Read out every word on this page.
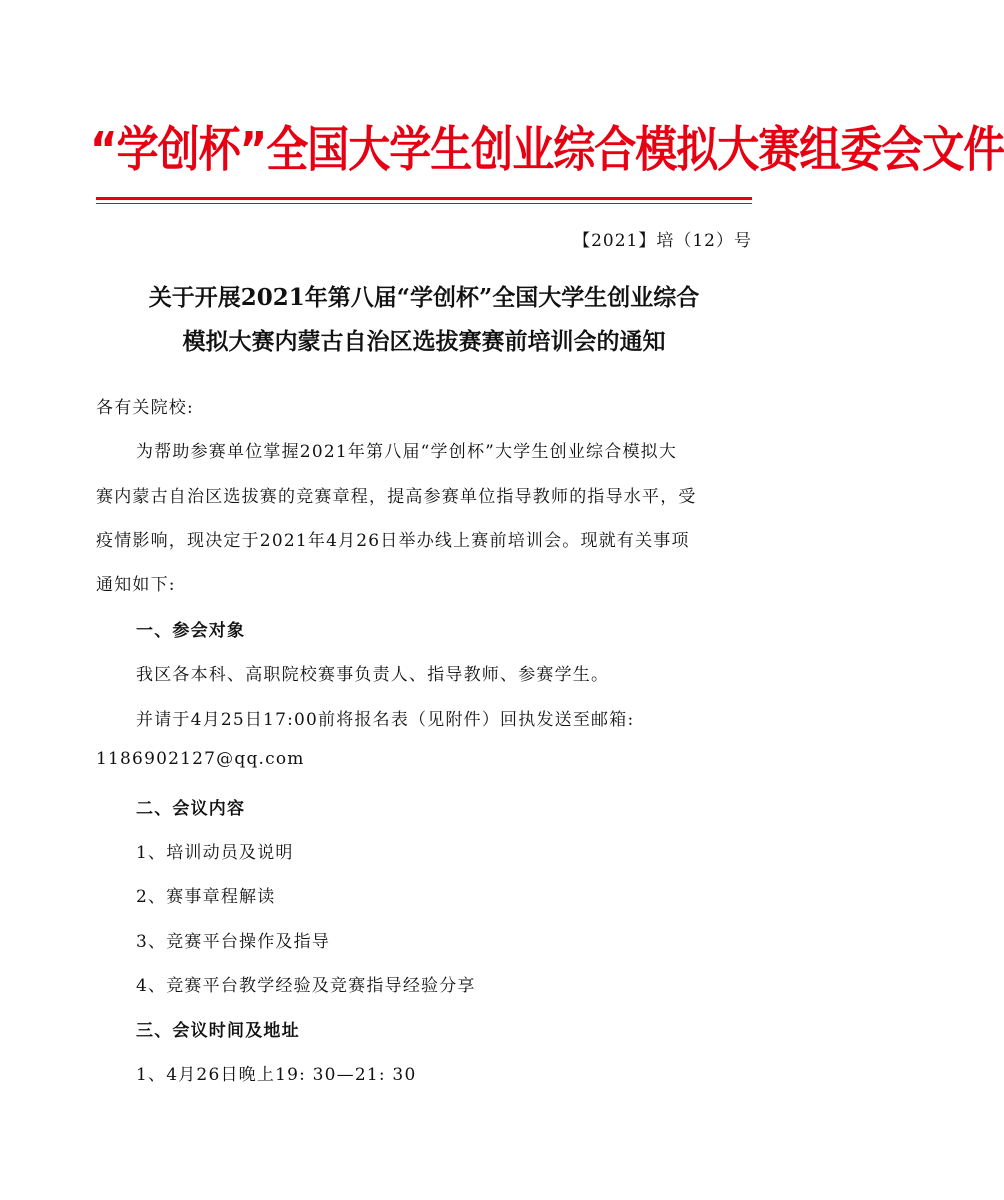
“学创杯”全国大学生创业综合模拟大赛组委会文件
【2021】培（12）号
关于开展2021年第八届“学创杯”全国大学生创业综合
模拟大赛内蒙古自治区选拔赛赛前培训会的通知
各有关院校:
为帮助参赛单位掌握2021年第八届“学创杯”大学生创业综合模拟大
赛内蒙古自治区选拔赛的竞赛章程，提高参赛单位指导教师的指导水平，受
疫情影响，现决定于2021年4月26日举办线上赛前培训会。现就有关事项
通知如下:
一、参会对象
我区各本科、高职院校赛事负责人、指导教师、参赛学生。
并请于4月25日17:00前将报名表（见附件）回执发送至邮箱:
1186902127@qq.com
二、会议内容
1、培训动员及说明
2、赛事章程解读
3、竞赛平台操作及指导
4、竞赛平台教学经验及竞赛指导经验分享
三、会议时间及地址
1、4月26日晚上19: 30—21: 30
